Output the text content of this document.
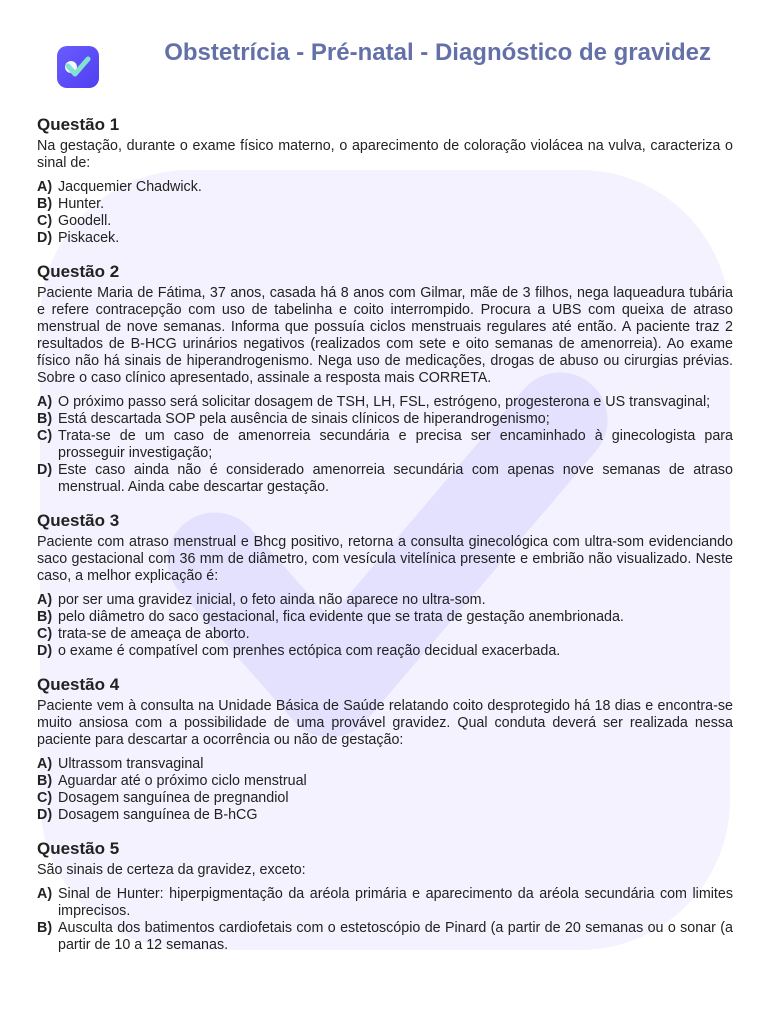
Obstetrícia - Pré-natal - Diagnóstico de gravidez
Questão 1
Na gestação, durante o exame físico materno, o aparecimento de coloração violácea na vulva, caracteriza o sinal de:
A) Jacquemier Chadwick.
B) Hunter.
C) Goodell.
D) Piskacek.
Questão 2
Paciente Maria de Fátima, 37 anos, casada há 8 anos com Gilmar, mãe de 3 filhos, nega laqueadura tubária e refere contracepção com uso de tabelinha e coito interrompido. Procura a UBS com queixa de atraso menstrual de nove semanas. Informa que possuía ciclos menstruais regulares até então. A paciente traz 2 resultados de B-HCG urinários negativos (realizados com sete e oito semanas de amenorreia). Ao exame físico não há sinais de hiperandrogenismo. Nega uso de medicações, drogas de abuso ou cirurgias prévias. Sobre o caso clínico apresentado, assinale a resposta mais CORRETA.
A) O próximo passo será solicitar dosagem de TSH, LH, FSL, estrógeno, progesterona e US transvaginal;
B) Está descartada SOP pela ausência de sinais clínicos de hiperandrogenismo;
C) Trata-se de um caso de amenorreia secundária e precisa ser encaminhado à ginecologista para prosseguir investigação;
D) Este caso ainda não é considerado amenorreia secundária com apenas nove semanas de atraso menstrual. Ainda cabe descartar gestação.
Questão 3
Paciente com atraso menstrual e Bhcg positivo, retorna a consulta ginecológica com ultra-som evidenciando saco gestacional com 36 mm de diâmetro, com vesícula vitelínica presente e embrião não visualizado. Neste caso, a melhor explicação é:
A) por ser uma gravidez inicial, o feto ainda não aparece no ultra-som.
B) pelo diâmetro do saco gestacional, fica evidente que se trata de gestação anembrionada.
C) trata-se de ameaça de aborto.
D) o exame é compatível com prenhes ectópica com reação decidual exacerbada.
Questão 4
Paciente vem à consulta na Unidade Básica de Saúde relatando coito desprotegido há 18 dias e encontra-se muito ansiosa com a possibilidade de uma provável gravidez. Qual conduta deverá ser realizada nessa paciente para descartar a ocorrência ou não de gestação:
A) Ultrassom transvaginal
B) Aguardar até o próximo ciclo menstrual
C) Dosagem sanguínea de pregnandiol
D) Dosagem sanguínea de B-hCG
Questão 5
São sinais de certeza da gravidez, exceto:
A) Sinal de Hunter: hiperpigmentação da aréola primária e aparecimento da aréola secundária com limites imprecisos.
B) Ausculta dos batimentos cardiofetais com o estetoscópio de Pinard (a partir de 20 semanas ou o sonar (a partir de 10 a 12 semanas.
